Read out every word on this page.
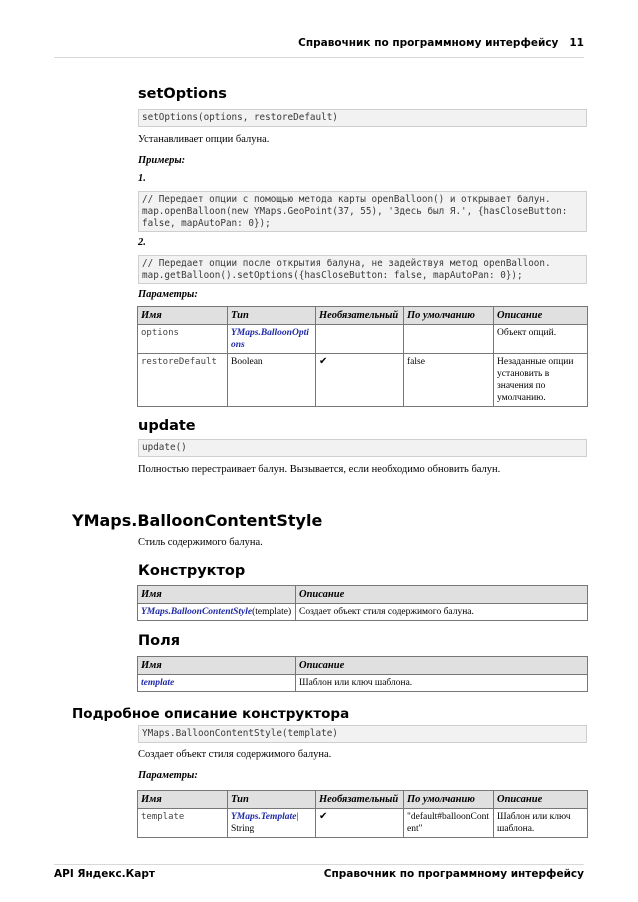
Справочник по программному интерфейсу 11
setOptions
setOptions(options, restoreDefault)
Устанавливает опции балуна.
Примеры:
1.
// Передает опции с помощью метода карты openBalloon() и открывает балун.
map.openBalloon(new YMaps.GeoPoint(37, 55), 'Здесь был Я.', {hasCloseButton:
false, mapAutoPan: 0});
2.
// Передает опции после открытия балуна, не задействуя метод openBalloon.
map.getBalloon().setOptions({hasCloseButton: false, mapAutoPan: 0});
Параметры:
Имя	Тип	Необязательный	По умолчанию	Описание
options	YMaps.BalloonOptions			Объект опций.
restoreDefault	Boolean	✔	false	Незаданные опции установить в значения по умолчанию.
update
update()
Полностью перестраивает балун. Вызывается, если необходимо обновить балун.
YMaps.BalloonContentStyle
Стиль содержимого балуна.
Конструктор
Имя	Описание
YMaps.BalloonContentStyle(template)	Создает объект стиля содержимого балуна.
Поля
Имя	Описание
template	Шаблон или ключ шаблона.
Подробное описание конструктора
YMaps.BalloonContentStyle(template)
Создает объект стиля содержимого балуна.
Параметры:
Имя	Тип	Необязательный	По умолчанию	Описание
template	YMaps.Template|
String	✔	"default#balloonContent"	Шаблон или ключ шаблона.
API Яндекс.Карт	Справочник по программному интерфейсу
